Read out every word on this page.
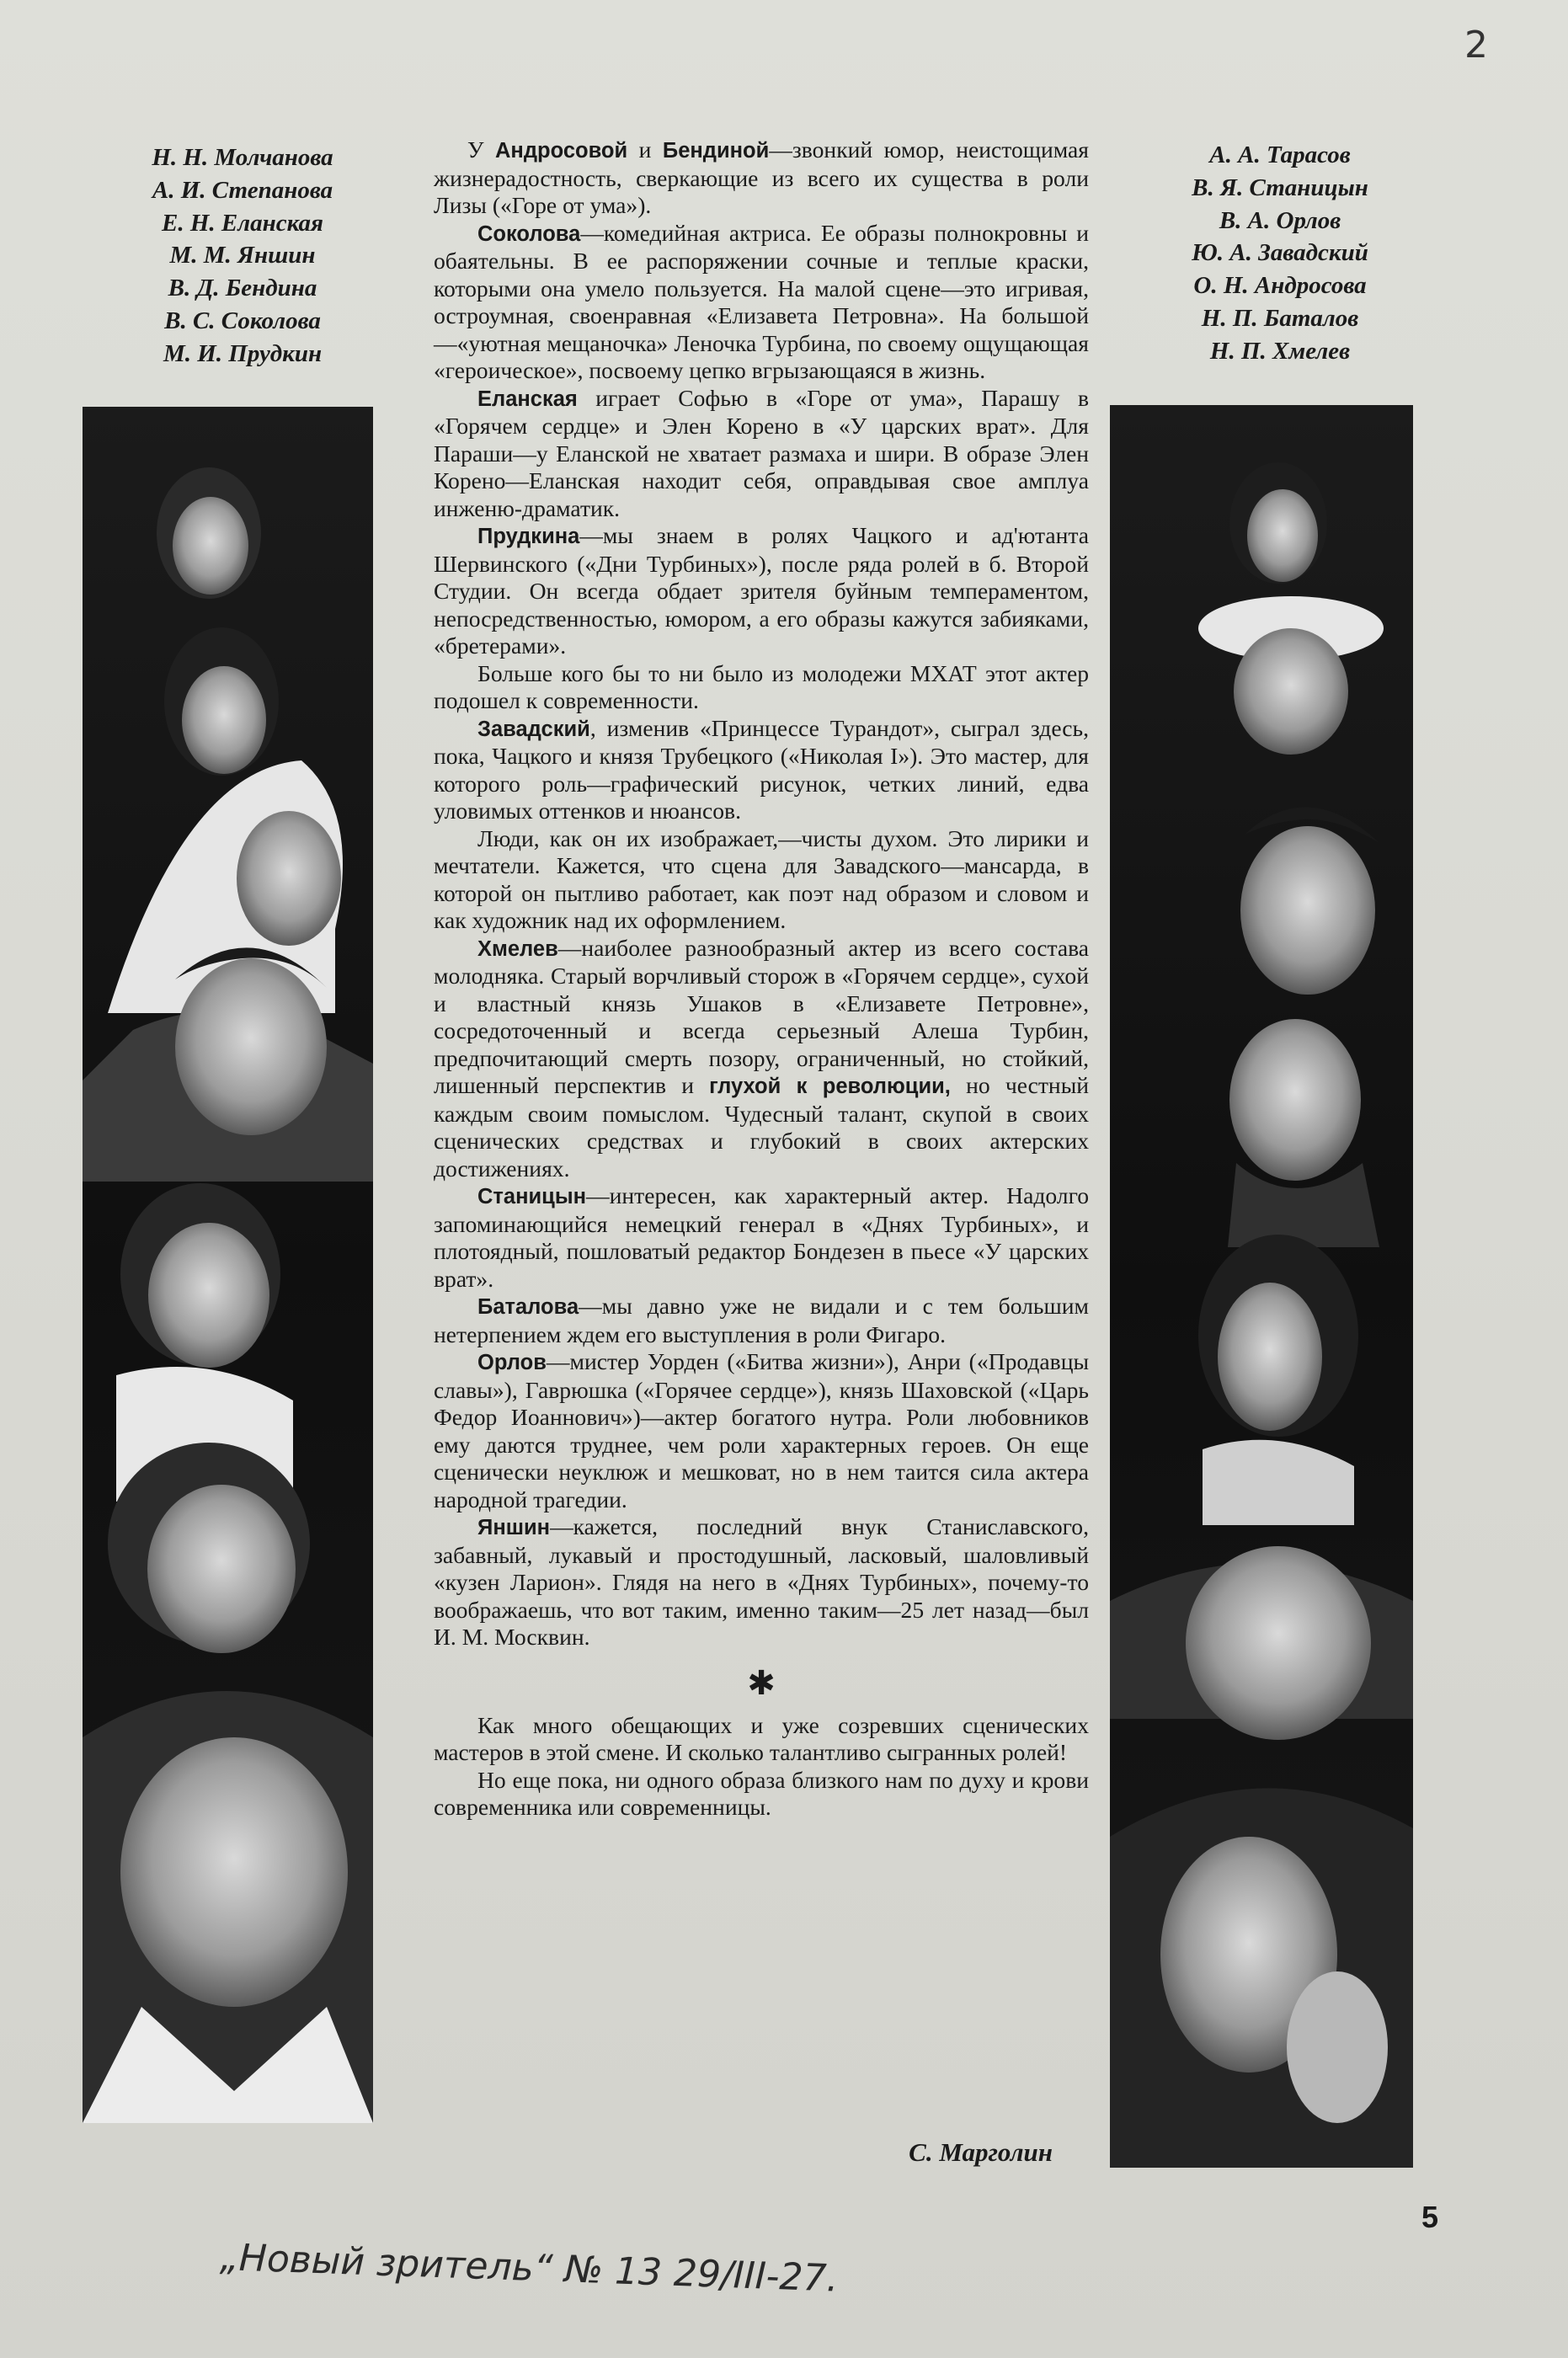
2
Н. Н. Молчанова
А. И. Степанова
Е. Н. Еланская
М. М. Яншин
В. Д. Бендина
В. С. Соколова
М. И. Прудкин
А. А. Тарасов
В. Я. Станицын
В. А. Орлов
Ю. А. Завадский
О. Н. Андросова
Н. П. Баталов
Н. П. Хмелев

У Андросовой и Бендиной—звонкий юмор, неистощимая жизнерадостность, сверкающие из всего их существа в роли Лизы («Горе от ума»).

Соколова—комедийная актриса. Ее образы полнокровны и обаятельны. В ее распоряжении сочные и теплые краски, которыми она умело пользуется. На малой сцене—это игривая, остроумная, своенравная «Елизавета Петровна». На большой—«уютная мещаночка» Леночка Турбина, по своему ощущающая «героическое», посвоему цепко вгрызающаяся в жизнь.

Еланская играет Софью в «Горе от ума», Парашу в «Горячем сердце» и Элен Корено в «У царских врат». Для Параши—у Еланской не хватает размаха и шири. В образе Элен Корено—Еланская находит себя, оправдывая свое амплуа инженю-драматик.

Прудкина—мы знаем в ролях Чацкого и ад'ютанта Шервинского («Дни Турбиных»), после ряда ролей в б. Второй Студии. Он всегда обдает зрителя буйным темпераментом, непосредственностью, юмором, а его образы кажутся забияками, «бретерами».

Больше кого бы то ни было из молодежи МХАТ этот актер подошел к современности.

Завадский, изменив «Принцессе Турандот», сыграл здесь, пока, Чацкого и князя Трубецкого («Николая I»). Это мастер, для которого роль—графический рисунок, четких линий, едва уловимых оттенков и нюансов.

Люди, как он их изображает,—чисты духом. Это лирики и мечтатели. Кажется, что сцена для Завадского—мансарда, в которой он пытливо работает, как поэт над образом и словом и как художник над их оформлением.

Хмелев—наиболее разнообразный актер из всего состава молодняка. Старый ворчливый сторож в «Горячем сердце», сухой и властный князь Ушаков в «Елизавете Петровне», сосредоточенный и всегда серьезный Алеша Турбин, предпочитающий смерть позору, ограниченный, но стойкий, лишенный перспектив и глухой к революции, но честный каждым своим помыслом. Чудесный талант, скупой в своих сценических средствах и глубокий в своих актерских достижениях.

Станицын—интересен, как характерный актер. Надолго запоминающийся немецкий генерал в «Днях Турбиных», и плотоядный, пошловатый редактор Бондезен в пьесе «У царских врат».

Баталова—мы давно уже не видали и с тем большим нетерпением ждем его выступления в роли Фигаро.

Орлов—мистер Уорден («Битва жизни»), Анри («Продавцы славы»), Гаврюшка («Горячее сердце»), князь Шаховской («Царь Федор Иоаннович»)—актер богатого нутра. Роли любовников ему даются труднее, чем роли характерных героев. Он еще сценически неуклюж и мешковат, но в нем таится сила актера народной трагедии.

Яншин—кажется, последний внук Станиславского, забавный, лукавый и простодушный, ласковый, шаловливый «кузен Ларион». Глядя на него в «Днях Турбиных», почему-то воображаешь, что вот таким, именно таким—25 лет назад—был И. М. Москвин.

✱

Как много обещающих и уже созревших сценических мастеров в этой смене. И сколько талантливо сыгранных ролей!

Но еще пока, ни одного образа близкого нам по духу и крови современника или современницы.

С. Марголин
5
„Новый зритель“ № 13 29/III-27.
